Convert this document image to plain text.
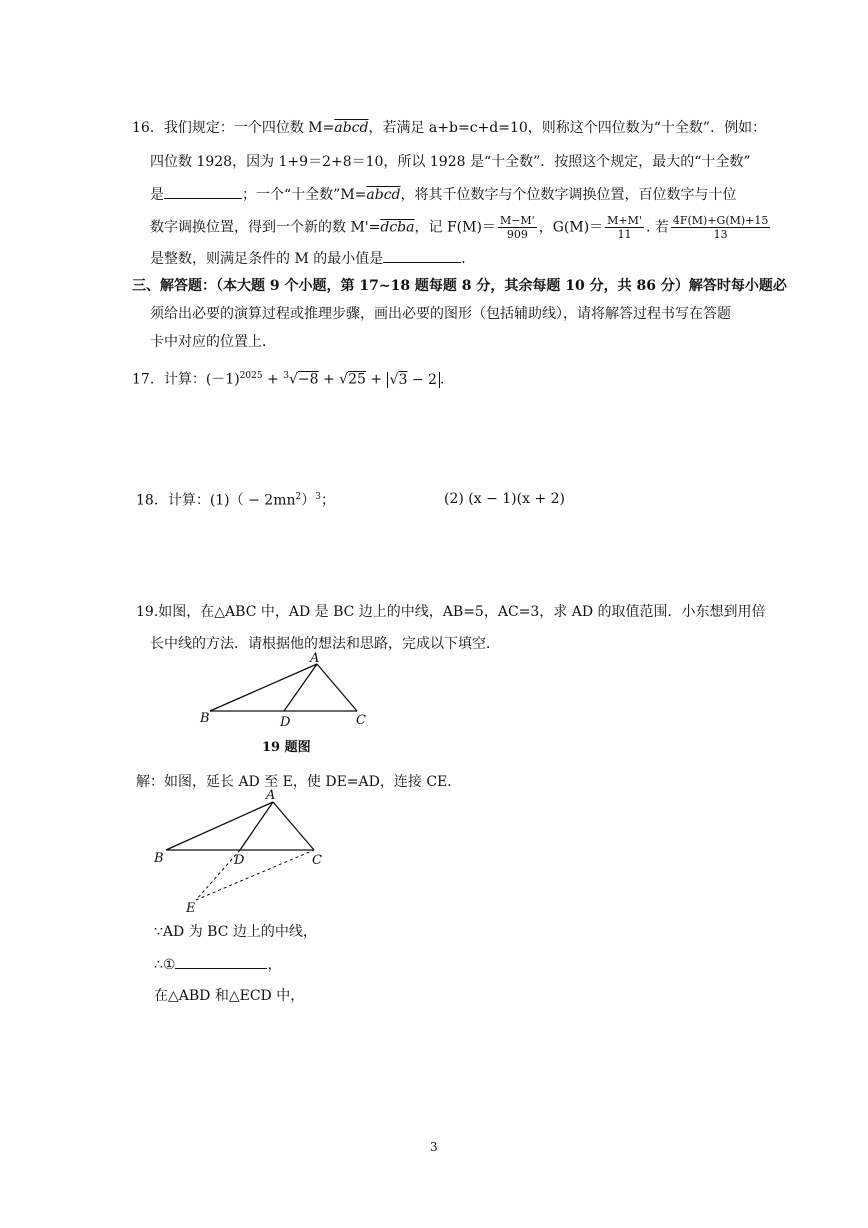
16．我们规定：一个四位数 M=abcd，若满足 a+b=c+d=10，则称这个四位数为“十全数”．例如：
四位数 1928，因为 1+9＝2+8＝10，所以 1928 是“十全数”．按照这个规定，最大的“十全数”
是	；一个“十全数”M=abcd，将其千位数字与个位数字调换位置，百位数字与十位
数字调换位置，得到一个新的数 M'=dcba，记 $F(M)= \frac{M-M'}{909}$ ，$G(M)= \frac{M+M'}{11}$ . 若 $\frac{4F(M)+G(M)+15}{13}$
是整数，则满足条件的 M 的最小值是	．
三、解答题：（本大题 9 个小题，第 17~18 题每题 8 分，其余每题 10 分，共 86 分）解答时每小题必
须给出必要的演算过程或推理步骤，画出必要的图形（包括辅助线），请将解答过程书写在答题
卡中对应的位置上．
17．计算：$(-1)^{2025} + ^3√-8 + √25 + √3 - 2$ .
18．计算：$(1)( - 2mn^2)^3$；	(2) (x − 1)(x + 2)
19.如图，在△ABC 中，AD 是 BC 边上的中线，AB=5，AC=3，求 AD 的取值范围．小东想到用倍
长中线的方法．请根据他的想法和思路，完成以下填空．
A
B	D	C
19 题图
解：如图，延长 AD 至 E，使 DE=AD，连接 CE．
A
B	D	C
E
∵AD 为 BC 边上的中线，
∴①	，
在△ABD 和△ECD 中，
3
